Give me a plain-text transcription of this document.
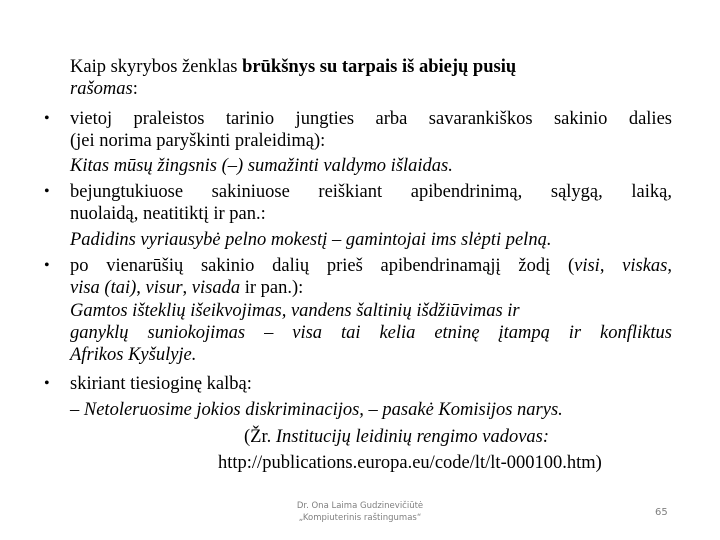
Kaip skyrybos ženklas brūkšnys su tarpais iš abiejų pusių
rašomas:
• vietoj praleistos tarinio jungties arba savarankiškos sakinio dalies
(jei norima paryškinti praleidimą):
Kitas mūsų žingsnis (–) sumažinti valdymo išlaidas.
• bejungtukiuose sakiniuose reiškiant apibendrinimą, sąlygą, laiką,
nuolaidą, neatitiktį ir pan.:
Padidins vyriausybė pelno mokestį – gamintojai ims slėpti pelną.
• po vienarūšių sakinio dalių prieš apibendrinamąjį žodį (visi, viskas,
visa (tai), visur, visada ir pan.):
Gamtos išteklių išeikvojimas, vandens šaltinių išdžiūvimas ir
ganyklų suniokojimas – visa tai kelia etninę įtampą ir konfliktus
Afrikos Kyšulyje.
• skiriant tiesioginę kalbą:
– Netoleruosime jokios diskriminacijos, – pasakė Komisijos narys.
(Žr. Institucijų leidinių rengimo vadovas:
http://publications.europa.eu/code/lt/lt-000100.htm)
Dr. Ona Laima Gudzinevičiūtė
„Kompiuterinis raštingumas“	65
